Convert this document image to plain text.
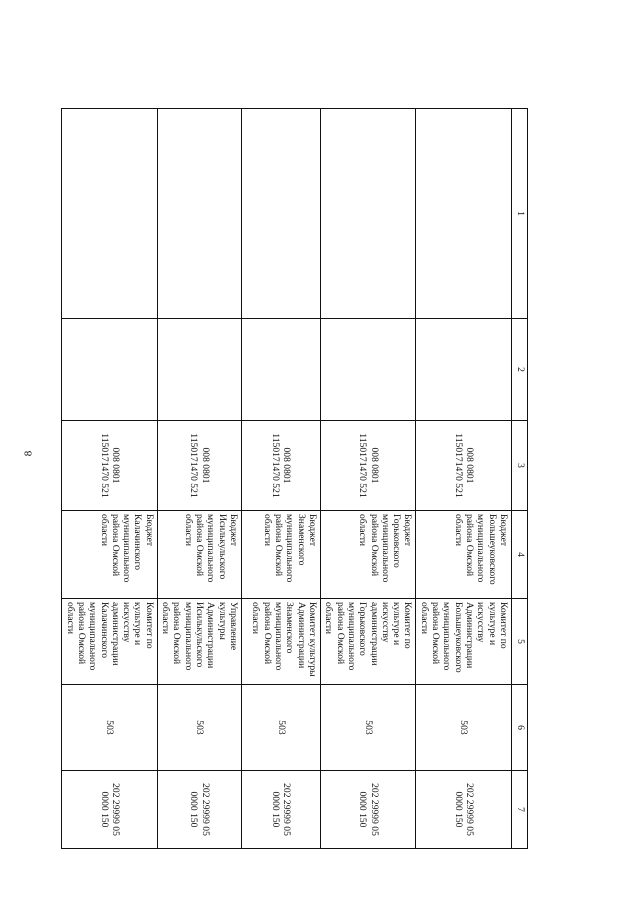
8
1	2	3	4	5	6	7
		008 0801 1150171470 521	Бюджет Большеуковского муниципального района Омской области	Комитет по культуре и искусству Администрации Большеуковского муниципального района Омской области	503	202 29999 05 0000 150
		008 0801 1150171470 521	Бюджет Горьковского муниципального района Омской области	Комитет по культуре и искусству администрации Горьковского муниципального района Омской области	503	202 29999 05 0000 150
		008 0801 1150171470 521	Бюджет Знаменского муниципального района Омской области	Комитет культуры Администрации Знаменского муниципального района Омской области	503	202 29999 05 0000 150
		008 0801 1150171470 521	Бюджет Исилькульского муниципального района Омской области	Управление культуры Администрации Исилькульского муниципального района Омской области	503	202 29999 05 0000 150
		008 0801 1150171470 521	Бюджет Калачинского муниципального района Омской области	Комитет по культуре и искусству администрации Калачинского муниципального района Омской области	503	202 29999 05 0000 150
